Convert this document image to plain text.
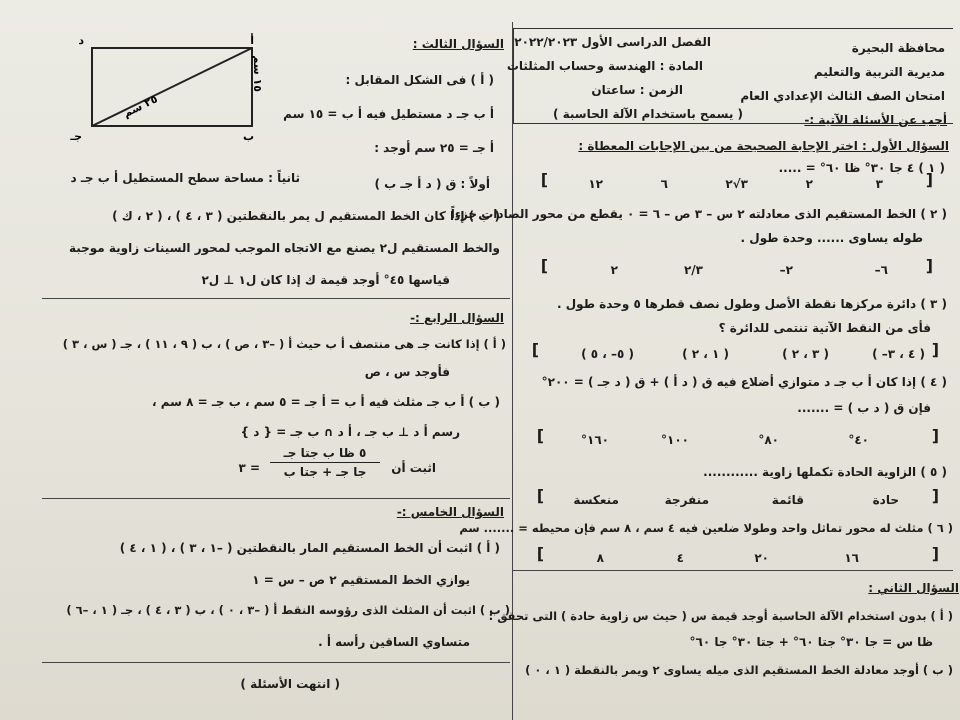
محافظة البحيرة
مديرية التربية والتعليم
امتحان الصف الثالث الإعدادي العام
الفصل الدراسى الأول ٢٠٢٢/٢٠٢٣
المادة : الهندسة وحساب المثلثات
الزمن : ساعتان
أجب عن الأسئلة الآتية :-
( يسمح باستخدام الآلة الحاسبة )
السؤال الأول : اختر الإجابة الصحيحة من بين الإجابات المعطاة :
( ١ ) ٤ جا ٣٠° ظا ٦٠° = .....
[
٣
٢
٣√٢
٦
١٢
]
( ٢ ) الخط المستقيم الذى معادلته ٢ س – ٣ ص – ٦ = ٠ يقطع من محور الصادات جزءاً
طوله يساوى ...... وحدة طول .
[
٦–
٢–
٢/٣
٢
]
( ٣ ) دائرة مركزها نقطة الأصل وطول نصف قطرها ٥ وحدة طول .
فأى من النقط الآتية تنتمى للدائرة ؟
[
( ٤ ، ٣– )
( ٣ ، ٢ )
( ١ ، ٢ )
( ٥– ، ٥ )
]
( ٤ ) إذا كان أ ب جـ د متوازي أضلاع فيه ق ( د أ ) + ق ( د جـ ) = ٢٠٠°
فإن ق ( د ب ) = .......
[
٤٠°
٨٠°
١٠٠°
١٦٠°
]
( ٥ ) الزاوية الحادة تكملها زاوية ............
[
حادة
قائمة
منفرجة
منعكسة
]
( ٦ ) مثلث له محور تماثل واحد وطولا ضلعين فيه ٤ سم ، ٨ سم فإن محيطه = ....... سم
[
١٦
٢٠
٤
٨
]
السؤال الثاني :
( أ ) بدون استخدام الآلة الحاسبة أوجد قيمة س ( حيث س زاوية حادة ) التى تحقق :
ظا س = جا ٣٠° جتا ٦٠° + جتا ٣٠° جا ٦٠°
( ب ) أوجد معادلة الخط المستقيم الذى ميله يساوى ٢ ويمر بالنقطة ( ١ ، ٠ )
أ
ب
جـ
د
٢٥ سم
١٥ سم
السؤال الثالث :
( أ ) فى الشكل المقابل :
أ ب جـ د مستطيل فيه أ ب = ١٥ سم
أ جـ = ٢٥ سم أوجد :
أولاً : ق ( د أ جـ ب )
ثانياً : مساحة سطح المستطيل أ ب جـ د
( ب ) إذا كان الخط المستقيم ل يمر بالنقطتين ( ٣ ، ٤ ) ، ( ٢ ، ك )
والخط المستقيم ل٢ يصنع مع الاتجاه الموجب لمحور السينات زاوية موجبة
قياسها ٤٥° أوجد قيمة ك إذا كان ل١ ⊥ ل٢
السؤال الرابع :-
( أ ) إذا كانت جـ هى منتصف أ ب حيث أ ( –٣ ، ص ) ، ب ( ٩ ، ١١ ) ، جـ ( س ، ٣ )
فأوجد س ، ص
( ب ) أ ب جـ مثلث فيه أ ب = أ جـ = ٥ سم ، ب جـ = ٨ سم ،
رسم أ د ⊥ ب جـ ، أ د ∩ ب جـ = { د }
اثبت أن
٥ ظا ب جتا جـ
جا جـ + جتا ب
= ٣
السؤال الخامس :-
( أ ) اثبت أن الخط المستقيم المار بالنقطتين ( –١ ، ٣ ) ، ( ١ ، ٤ )
يوازي الخط المستقيم ٢ ص – س = ١
( ب ) اثبت أن المثلث الذى رؤوسه النقط أ ( –٣ ، ٠ ) ، ب ( ٣ ، ٤ ) ، جـ ( ١ ، –٦ )
متساوي الساقين رأسه أ .
( انتهت الأسئلة )
